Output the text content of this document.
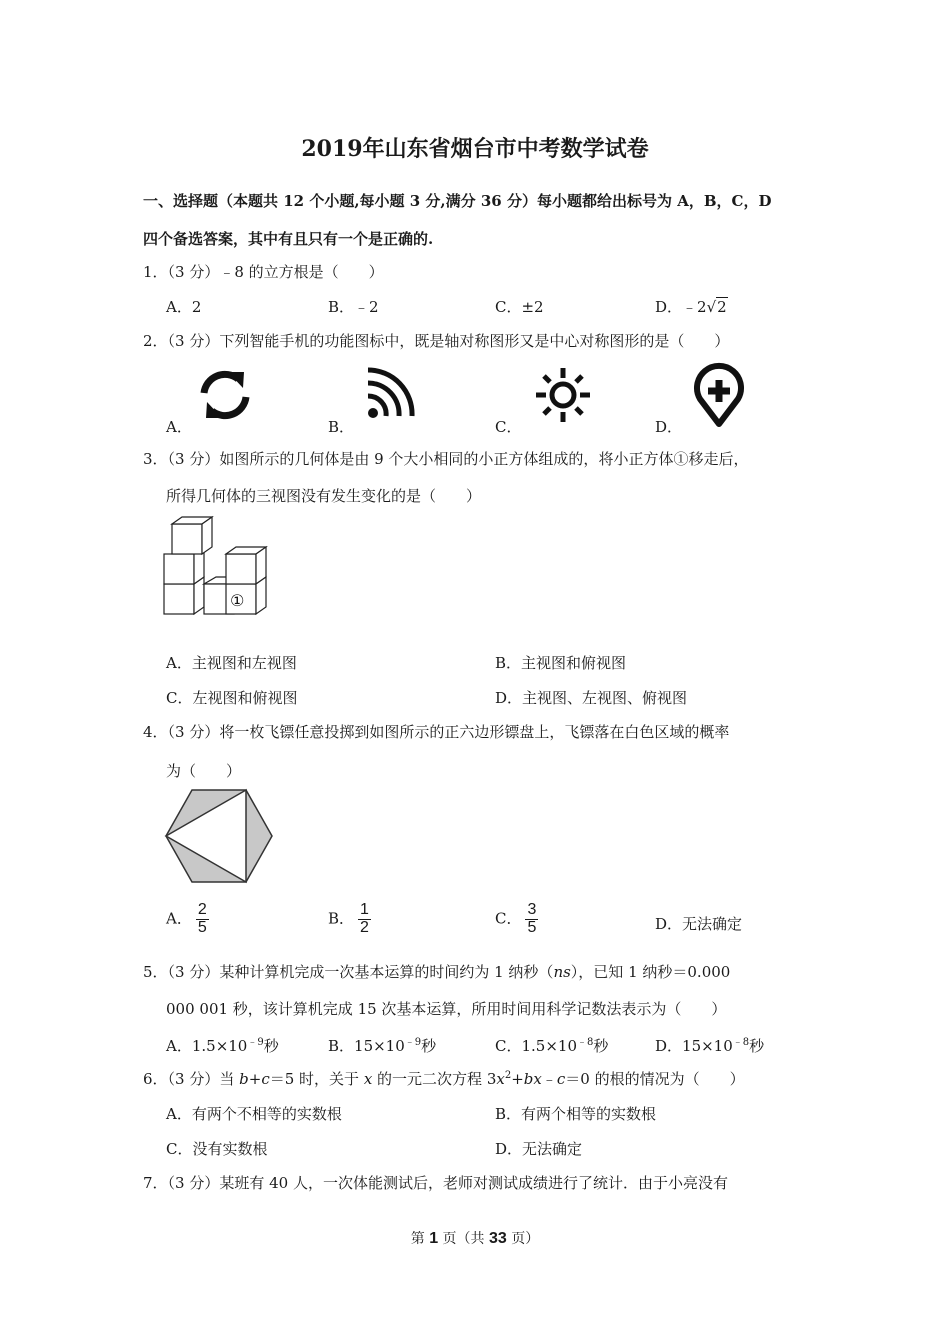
2019年山东省烟台市中考数学试卷
一、选择题（本题共 12 个小题,每小题 3 分,满分 36 分）每小题都给出标号为 A，B，C，D
四个备选答案，其中有且只有一个是正确的.
1．（3 分）﹣8 的立方根是（　　）
A．2	B．﹣2	C．±2	D．﹣2√2
2．（3 分）下列智能手机的功能图标中，既是轴对称图形又是中心对称图形的是（　　）
A．	B．	C．	D．
3．（3 分）如图所示的几何体是由 9 个大小相同的小正方体组成的，将小正方体①移走后，
所得几何体的三视图没有发生变化的是（　　）
①
A．主视图和左视图	B．主视图和俯视图
C．左视图和俯视图	D．主视图、左视图、俯视图
4．（3 分）将一枚飞镖任意投掷到如图所示的正六边形镖盘上，飞镖落在白色区域的概率
为（　　）
A． $\frac{2}{5}$	B． $\frac{1}{2}$	C． $\frac{3}{5}$	D．无法确定
5．（3 分）某种计算机完成一次基本运算的时间约为 1 纳秒（ns），已知 1 纳秒＝0.000
000 001 秒，该计算机完成 15 次基本运算，所用时间用科学记数法表示为（　　）
A．$1.5\times 10^{﹣9}$秒	B．$15\times 10^{﹣9}$秒	C．$1.5\times 10^{﹣8}$秒	D．$15\times 10^{﹣8}$秒
6．（3 分）当 b+c＝5 时，关于 x 的一元二次方程 $3x^2+bx﹣c=0$ 的根的情况为（　　）
A．有两个不相等的实数根	B．有两个相等的实数根
C．没有实数根	D．无法确定
7．（3 分）某班有 40 人，一次体能测试后，老师对测试成绩进行了统计．由于小亮没有
第 1 页（共 33 页）
